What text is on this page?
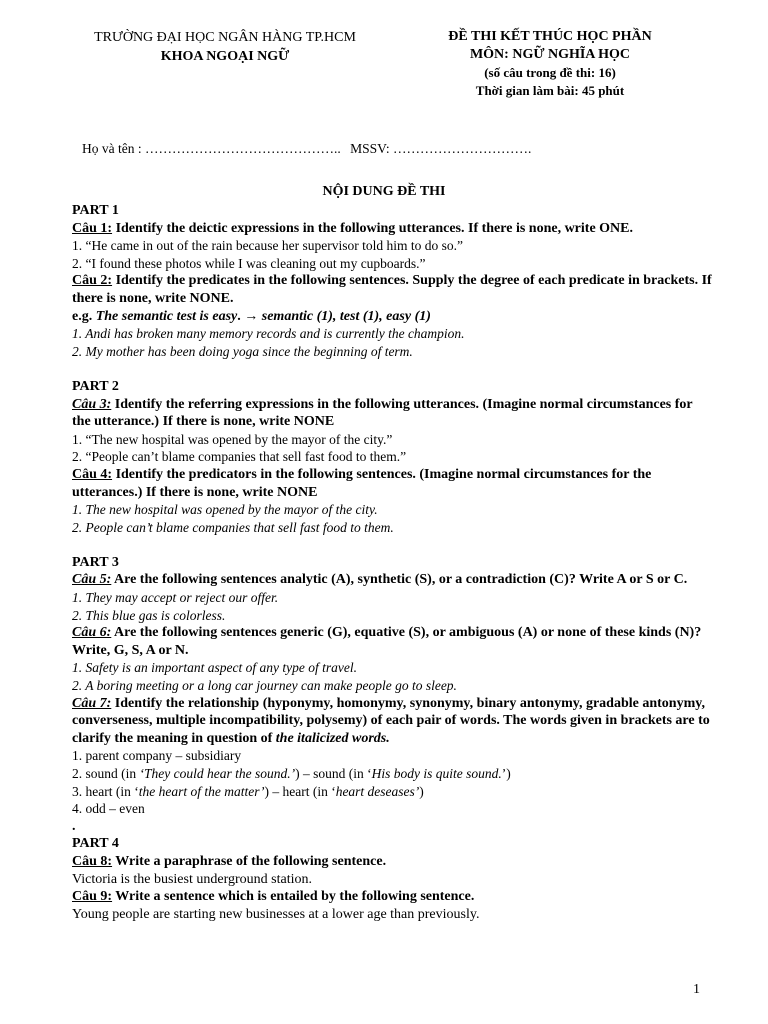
TRƯỜNG ĐẠI HỌC NGÂN HÀNG TP.HCM
KHOA NGOẠI NGỮ
ĐỀ THI KẾT THÚC HỌC PHẦN
MÔN: NGỮ NGHĨA HỌC
(số câu trong đề thi: 16)
Thời gian làm bài: 45 phút
Họ và tên : …………………………………….. MSSV: ………………………….
NỘI DUNG ĐỀ THI

PART 1

Câu 1: Identify the deictic expressions in the following utterances. If there is none, write ONE.

1. “He came in out of the rain because her supervisor told him to do so.”

2. “I found these photos while I was cleaning out my cupboards.”

Câu 2: Identify the predicates in the following sentences. Supply the degree of each predicate in brackets. If there is none, write NONE.

e.g. The semantic test is easy. → semantic (1), test (1), easy (1)

1. Andi has broken many memory records and is currently the champion.

2. My mother has been doing yoga since the beginning of term.

PART 2

Câu 3: Identify the referring expressions in the following utterances. (Imagine normal circumstances for the utterance.) If there is none, write NONE

1. “The new hospital was opened by the mayor of the city.”

2. “People can’t blame companies that sell fast food to them.”

Câu 4: Identify the predicators in the following sentences. (Imagine normal circumstances for the utterances.) If there is none, write NONE

1. The new hospital was opened by the mayor of the city.

2. People can’t blame companies that sell fast food to them.

PART 3

Câu 5: Are the following sentences analytic (A), synthetic (S), or a contradiction (C)? Write A or S or C.

1. They may accept or reject our offer.

2. This blue gas is colorless.

Câu 6: Are the following sentences generic (G), equative (S), or ambiguous (A) or none of these kinds (N)? Write, G, S, A or N.

1. Safety is an important aspect of any type of travel.

2. A boring meeting or a long car journey can make people go to sleep.

Câu 7: Identify the relationship (hyponymy, homonymy, synonymy, binary antonymy, gradable antonymy, converseness, multiple incompatibility, polysemy) of each pair of words. The words given in brackets are to clarify the meaning in question of the italicized words.

1. parent company – subsidiary

2. sound (in ‘They could hear the sound.’) – sound (in ‘His body is quite sound.’)

3. heart (in ‘the heart of the matter’) – heart (in ‘heart deseases’)

4. odd – even

.

PART 4

Câu 8: Write a paraphrase of the following sentence.

Victoria is the busiest underground station.

Câu 9: Write a sentence which is entailed by the following sentence.

Young people are starting new businesses at a lower age than previously.

1
